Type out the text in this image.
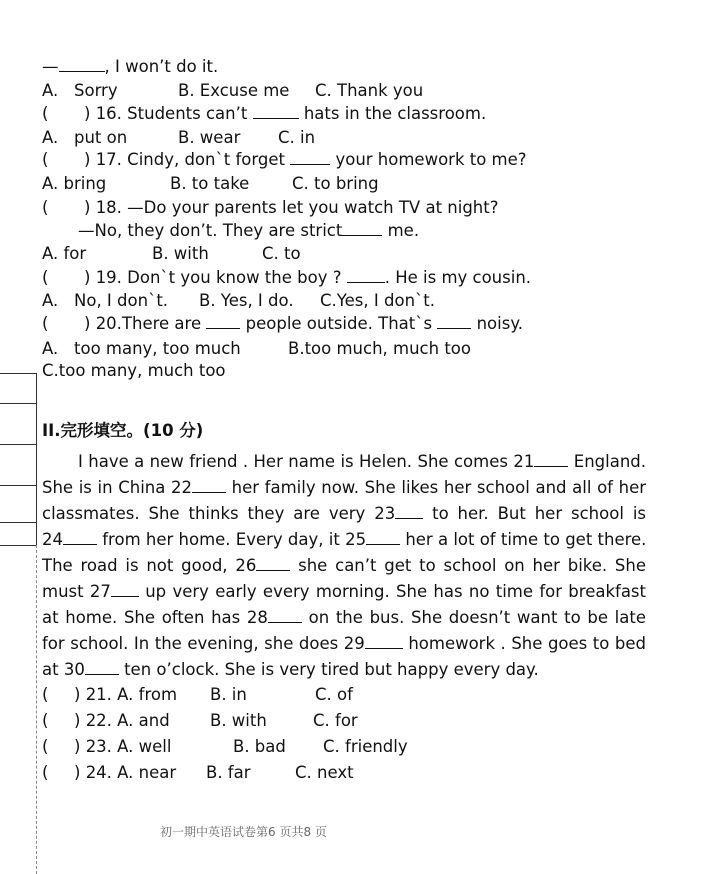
—	, I won’t do it.
A. Sorry	B. Excuse me C. Thank you
( ) 16. Students can’t	hats in the classroom.
A. put on	B. wear C. in
( ) 17. Cindy, don`t forget	your homework to me?
A. bring	B. to take	C. to bring
( ) 18. —Do your parents let you watch TV at night?
—No, they don’t. They are strict	me.
A. for	B. with	C. to
( ) 19. Don`t you know the boy ?	. He is my cousin.
A. No, I don`t. B. Yes, I do. C.Yes, I don`t.
( ) 20.There are	people outside. That`s	noisy.
A. too many, too much	B.too much, much too
C.too many, much too
II.完形填空。(10 分)
I have a new friend . Her name is Helen. She comes 21 England.
She is in China 22 her family now. She likes her school and all of her
classmates. She thinks they are very 23 to her. But her school is
24 from her home. Every day, it 25 her a lot of time to get there.
The road is not good, 26	she can’t get to school on her bike. She
must 27 up very early every morning. She has no time for breakfast
at home. She often has 28 on the bus. She doesn’t want to be late
for school. In the evening, she does 29	homework . She goes to bed
at 30 ten o’clock. She is very tired but happy every day.
( ) 21. A. from B. in	C. of
( ) 22. A. and B. with	C. for
( ) 23. A. well	B. bad C. friendly
( ) 24. A. near B. far	C. next
初一期中英语试卷第6 页共8 页
